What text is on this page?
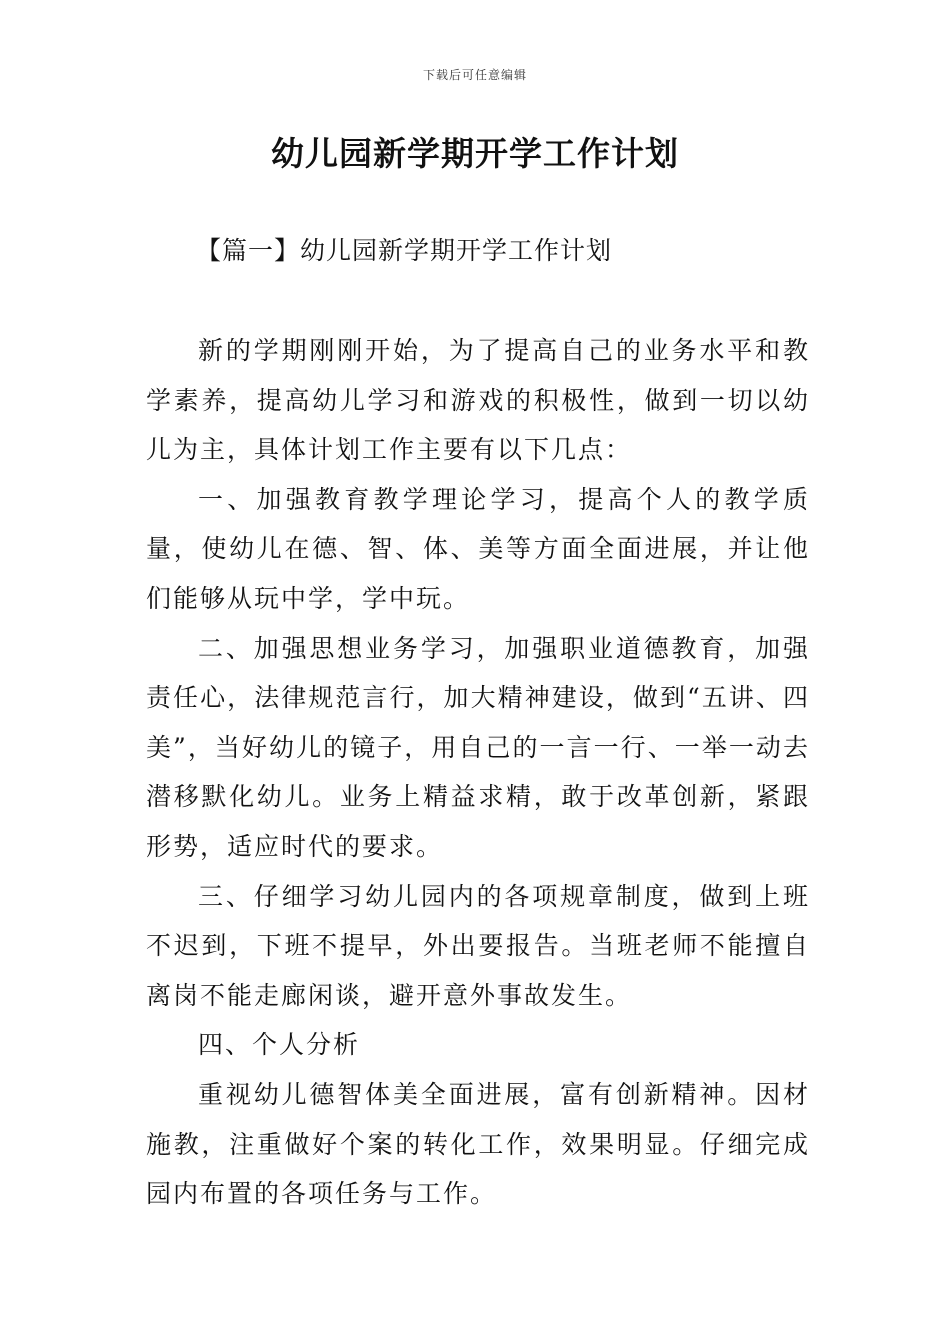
下载后可任意编辑
幼儿园新学期开学工作计划
【篇一】幼儿园新学期开学工作计划

新的学期刚刚开始，为了提高自己的业务水平和教学素养，提高幼儿学习和游戏的积极性，做到一切以幼儿为主，具体计划工作主要有以下几点：

一、加强教育教学理论学习，提高个人的教学质量，使幼儿在德、智、体、美等方面全面进展，并让他们能够从玩中学，学中玩。

二、加强思想业务学习，加强职业道德教育，加强责任心，法律规范言行，加大精神建设，做到“五讲、四美”，当好幼儿的镜子，用自己的一言一行、一举一动去潜移默化幼儿。业务上精益求精，敢于改革创新，紧跟形势，适应时代的要求。

三、仔细学习幼儿园内的各项规章制度，做到上班不迟到，下班不提早，外出要报告。当班老师不能擅自离岗不能走廊闲谈，避开意外事故发生。

四、个人分析

重视幼儿德智体美全面进展，富有创新精神。因材施教，注重做好个案的转化工作，效果明显。仔细完成园内布置的各项任务与工作。
